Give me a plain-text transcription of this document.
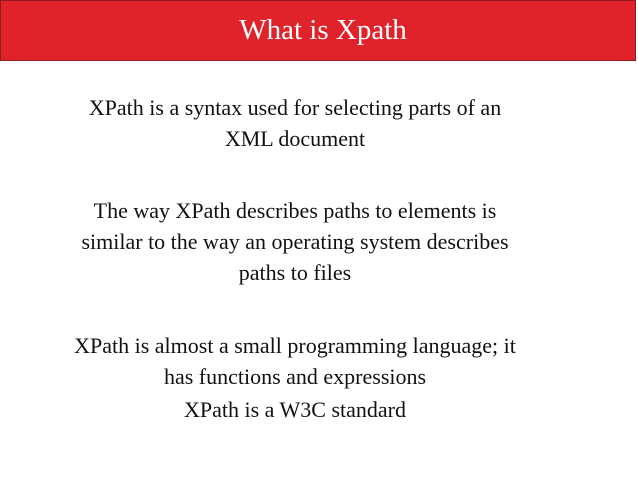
What is Xpath

XPath is a syntax used for selecting parts of an
XML document

The way XPath describes paths to elements is
similar to the way an operating system describes
paths to files

XPath is almost a small programming language; it
has functions and expressions

XPath is a W3C standard
